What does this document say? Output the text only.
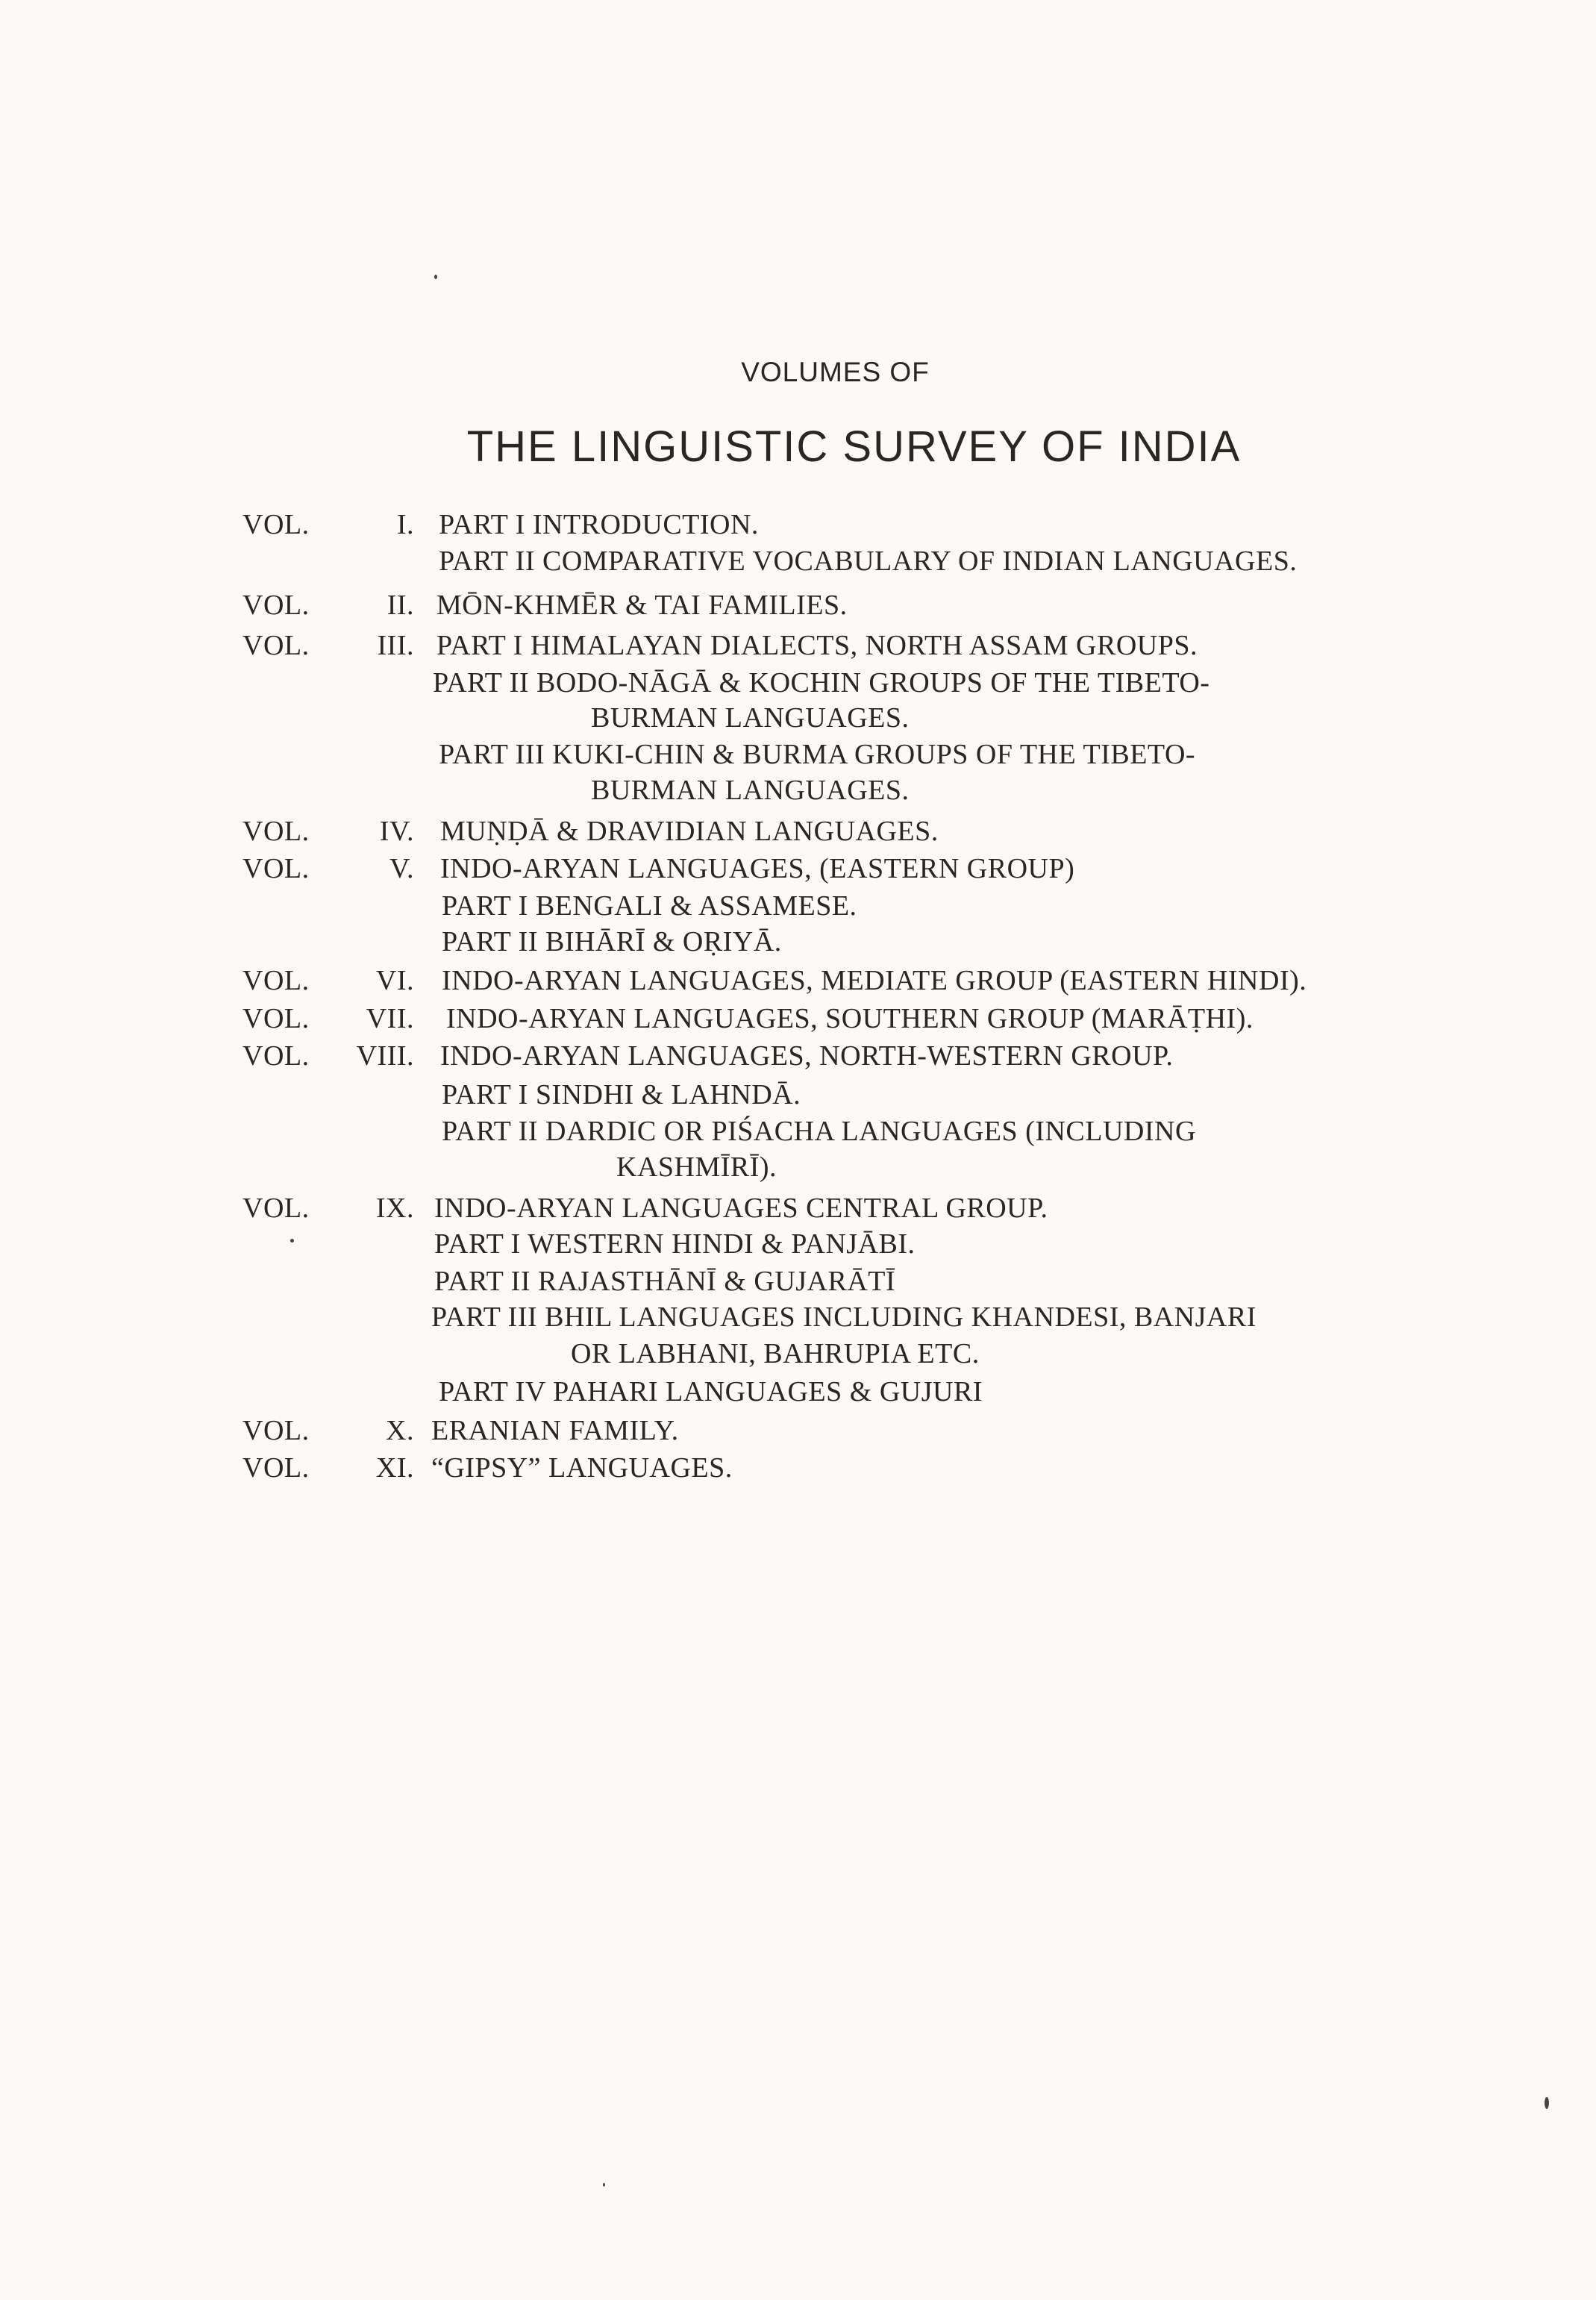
VOLUMES OF
THE LINGUISTIC SURVEY OF INDIA
VOL.	I. PART I INTRODUCTION.
PART II COMPARATIVE VOCABULARY OF INDIAN LANGUAGES.
VOL.	II. MŌN-KHMĒR & TAI FAMILIES.
VOL. III. PART I HIMALAYAN DIALECTS, NORTH ASSAM GROUPS.
PART II BODO-NĀGĀ & KOCHIN GROUPS OF THE TIBETO-
BURMAN LANGUAGES.
PART III KUKI-CHIN & BURMA GROUPS OF THE TIBETO-
BURMAN LANGUAGES.
VOL. IV. MUṆḌĀ & DRAVIDIAN LANGUAGES.
VOL.	V. INDO-ARYAN LANGUAGES, (EASTERN GROUP)
PART I BENGALI & ASSAMESE.
PART II BIHĀRĪ & OṚIYĀ.
VOL. VI. INDO-ARYAN LANGUAGES, MEDIATE GROUP (EASTERN HINDI).
VOL. VII. INDO-ARYAN LANGUAGES, SOUTHERN GROUP (MARĀṬHI).
VOL. VIII. INDO-ARYAN LANGUAGES, NORTH-WESTERN GROUP.
PART I SINDHI & LAHNDĀ.
PART II DARDIC OR PIŚACHA LANGUAGES (INCLUDING
KASHMĪRĪ).
VOL. IX. INDO-ARYAN LANGUAGES CENTRAL GROUP.
PART I WESTERN HINDI & PANJĀBI.
PART II RAJASTHĀNĪ & GUJARĀTĪ
PART III BHIL LANGUAGES INCLUDING KHANDESI, BANJARI
OR LABHANI, BAHRUPIA ETC.
PART IV PAHARI LANGUAGES & GUJURI
VOL.	X. ERANIAN FAMILY.
VOL. XI. “GIPSY” LANGUAGES.
